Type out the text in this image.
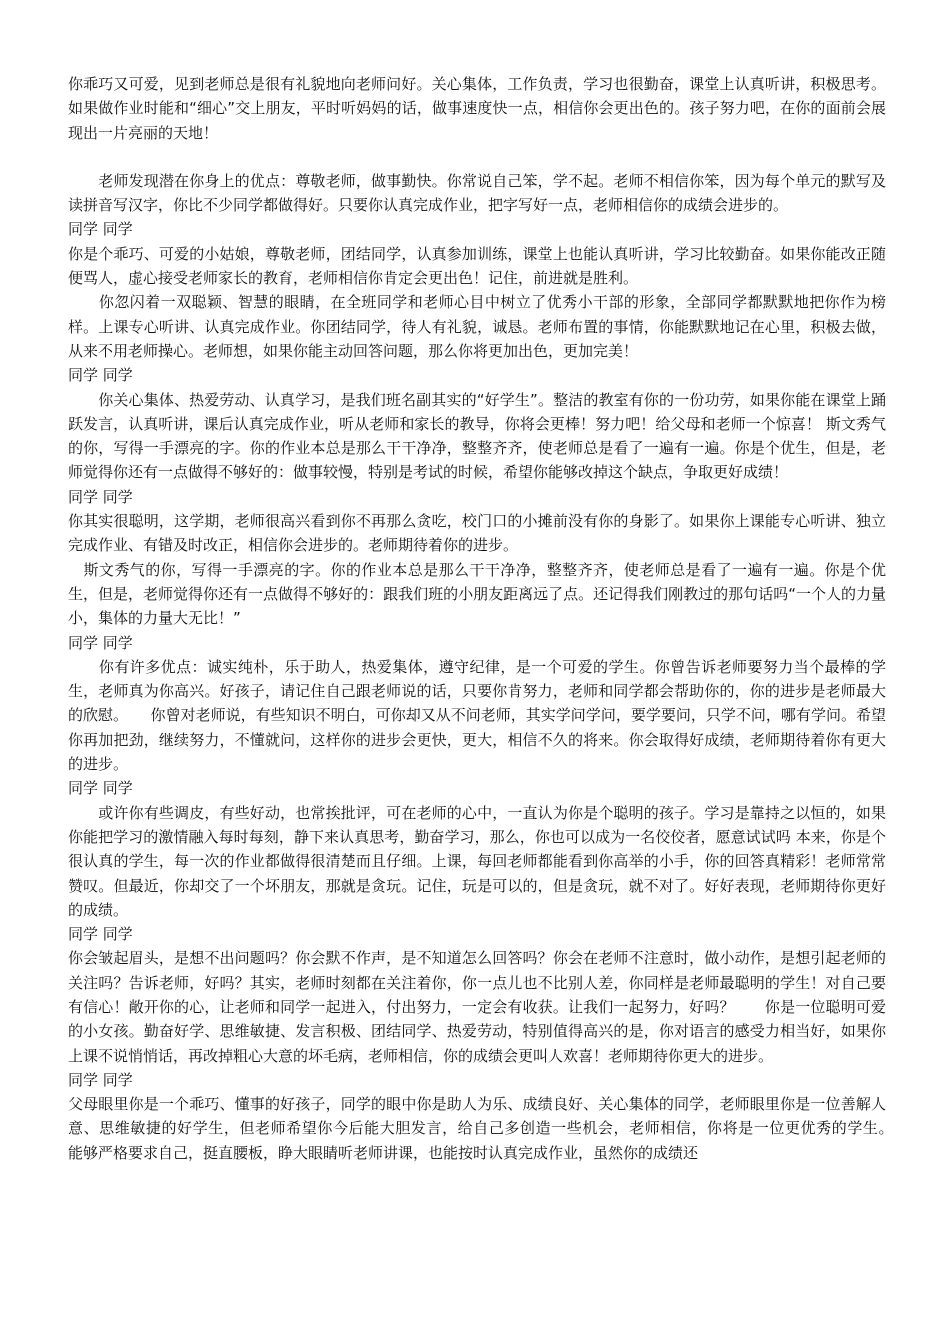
你乖巧又可爱，见到老师总是很有礼貌地向老师问好。关心集体，工作负责，学习也很勤奋，课堂上认真听讲，积极思考。如果做作业时能和“细心”交上朋友，平时听妈妈的话，做事速度快一点，相信你会更出色的。孩子努力吧，在你的面前会展现出一片亮丽的天地！

　　老师发现潜在你身上的优点：尊敬老师，做事勤快。你常说自己笨，学不起。老师不相信你笨，因为每个单元的默写及读拼音写汉字，你比不少同学都做得好。只要你认真完成作业，把字写好一点，老师相信你的成绩会进步的。

同学 同学

你是个乖巧、可爱的小姑娘，尊敬老师，团结同学，认真参加训练，课堂上也能认真听讲，学习比较勤奋。如果你能改正随便骂人，虚心接受老师家长的教育，老师相信你肯定会更出色！记住，前进就是胜利。

　　你忽闪着一双聪颖、智慧的眼睛，在全班同学和老师心目中树立了优秀小干部的形象，全部同学都默默地把你作为榜样。上课专心听讲、认真完成作业。你团结同学，待人有礼貌，诚恳。老师布置的事情，你能默默地记在心里，积极去做，从来不用老师操心。老师想，如果你能主动回答问题，那么你将更加出色，更加完美！

同学 同学

　　你关心集体、热爱劳动、认真学习，是我们班名副其实的“好学生”。整洁的教室有你的一份功劳，如果你能在课堂上踊跃发言，认真听讲，课后认真完成作业，听从老师和家长的教导，你将会更棒！努力吧！给父母和老师一个惊喜！ 斯文秀气的你，写得一手漂亮的字。你的作业本总是那么干干净净，整整齐齐，使老师总是看了一遍有一遍。你是个优生，但是，老师觉得你还有一点做得不够好的：做事较慢，特别是考试的时候，希望你能够改掉这个缺点，争取更好成绩！

同学 同学

你其实很聪明，这学期，老师很高兴看到你不再那么贪吃，校门口的小摊前没有你的身影了。如果你上课能专心听讲、独立完成作业、有错及时改正，相信你会进步的。老师期待着你的进步。

　斯文秀气的你，写得一手漂亮的字。你的作业本总是那么干干净净，整整齐齐，使老师总是看了一遍有一遍。你是个优生，但是，老师觉得你还有一点做得不够好的：跟我们班的小朋友距离远了点。还记得我们刚教过的那句话吗“一个人的力量小，集体的力量大无比！”

同学 同学

　　你有许多优点：诚实纯朴，乐于助人，热爱集体，遵守纪律，是一个可爱的学生。你曾告诉老师要努力当个最棒的学生，老师真为你高兴。好孩子，请记住自己跟老师说的话，只要你肯努力，老师和同学都会帮助你的，你的进步是老师最大的欣慰。　　你曾对老师说，有些知识不明白，可你却又从不问老师，其实学问学问，要学要问，只学不问，哪有学问。希望你再加把劲，继续努力，不懂就问，这样你的进步会更快，更大，相信不久的将来。你会取得好成绩，老师期待着你有更大的进步。

同学 同学

　　或许你有些调皮，有些好动，也常挨批评，可在老师的心中，一直认为你是个聪明的孩子。学习是靠持之以恒的，如果你能把学习的激情融入每时每刻，静下来认真思考，勤奋学习，那么，你也可以成为一名佼佼者，愿意试试吗 本来，你是个很认真的学生，每一次的作业都做得很清楚而且仔细。上课，每回老师都能看到你高举的小手，你的回答真精彩！老师常常赞叹。但最近，你却交了一个坏朋友，那就是贪玩。记住，玩是可以的，但是贪玩，就不对了。好好表现，老师期待你更好的成绩。

同学 同学

你会皱起眉头，是想不出问题吗？你会默不作声，是不知道怎么回答吗？你会在老师不注意时，做小动作，是想引起老师的关注吗？告诉老师，好吗？其实，老师时刻都在关注着你，你一点儿也不比别人差，你同样是老师最聪明的学生！对自己要有信心！敞开你的心，让老师和同学一起进入，付出努力，一定会有收获。让我们一起努力，好吗？　　你是一位聪明可爱的小女孩。勤奋好学、思维敏捷、发言积极、团结同学、热爱劳动，特别值得高兴的是，你对语言的感受力相当好，如果你上课不说悄悄话，再改掉粗心大意的坏毛病，老师相信，你的成绩会更叫人欢喜！老师期待你更大的进步。

同学 同学

父母眼里你是一个乖巧、懂事的好孩子，同学的眼中你是助人为乐、成绩良好、关心集体的同学，老师眼里你是一位善解人意、思维敏捷的好学生，但老师希望你今后能大胆发言，给自己多创造一些机会，老师相信，你将是一位更优秀的学生。　　能够严格要求自己，挺直腰板，睁大眼睛听老师讲课，也能按时认真完成作业，虽然你的成绩还
